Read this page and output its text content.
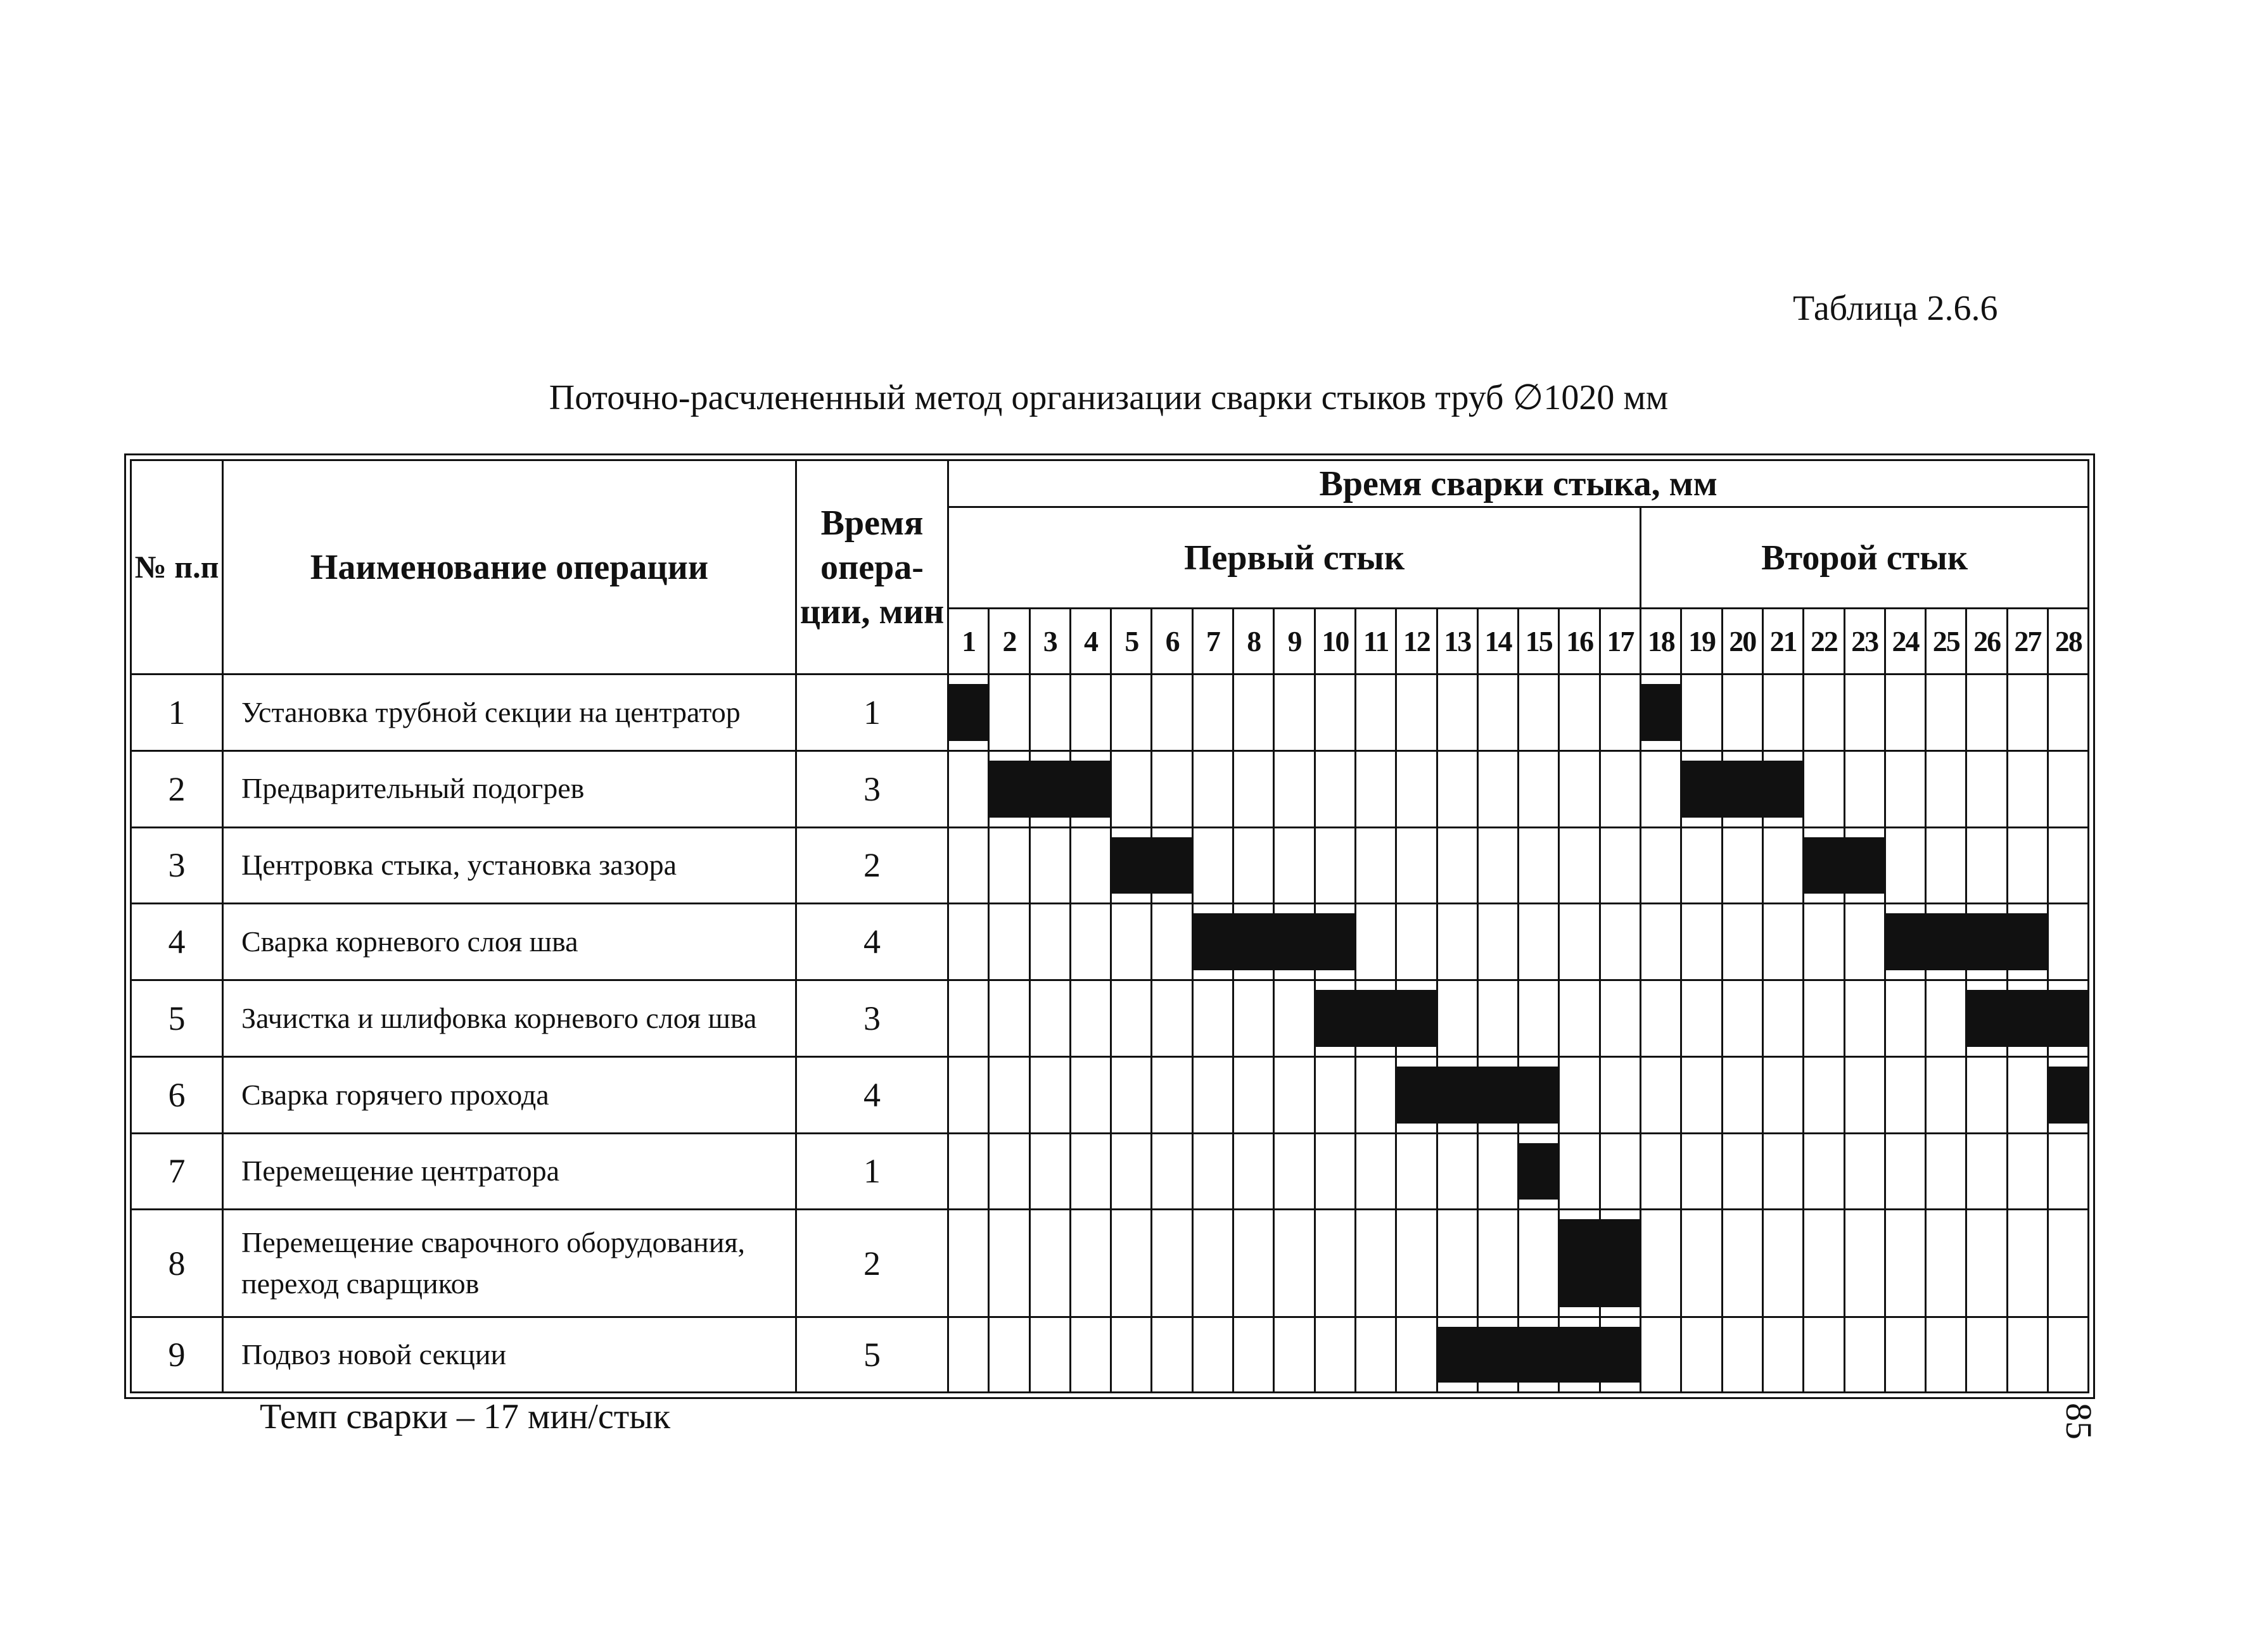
Таблица 2.6.6
Поточно-расчлененный метод организации сварки стыков труб ∅1020 мм
№ п.п	Наименование операции	Время опера-ции, мин	Время сварки стыка, мм																											
			Первый стык																	Второй стык										
			1	2	3	4	5	6	7	8	9	10	11	12	13	14	15	16	17	18	19	20	21	22	23	24	25	26	27	28
1	Установка трубной секции на центратор	1	

2	Предварительный подогрев	3		

3	Центровка стыка, установка зазора	2					

4	Сварка корневого слоя шва	4							

5	Зачистка и шлифовка корневого слоя шва	3										

6	Сварка горячего прохода	4												

7	Перемещение центратора	1															

8	Перемещение сварочного оборудования, переход сварщиков	2																

9	Подвоз новой секции	5													

Темп сварки – 17 мин/стык	85
